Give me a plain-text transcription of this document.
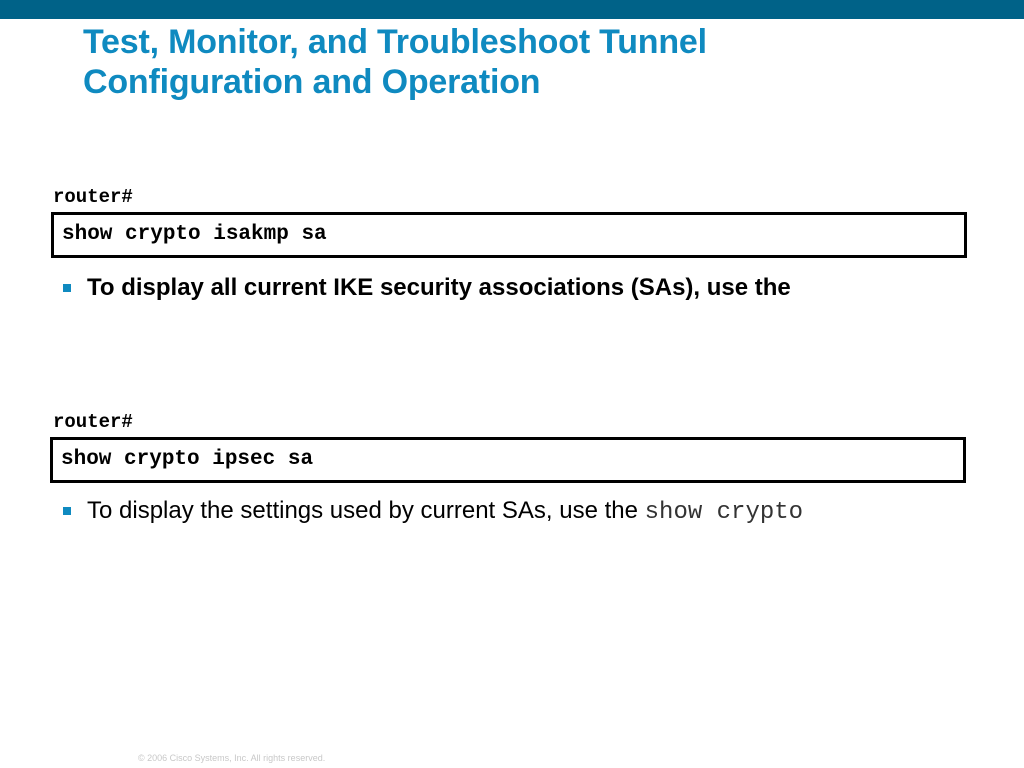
Test, Monitor, and Troubleshoot Tunnel
Configuration and Operation
router#
show crypto isakmp sa
To display all current IKE security associations (SAs), use the
router#
show crypto ipsec sa
To display the settings used by current SAs, use the show crypto
© 2006 Cisco Systems, Inc. All rights reserved.
